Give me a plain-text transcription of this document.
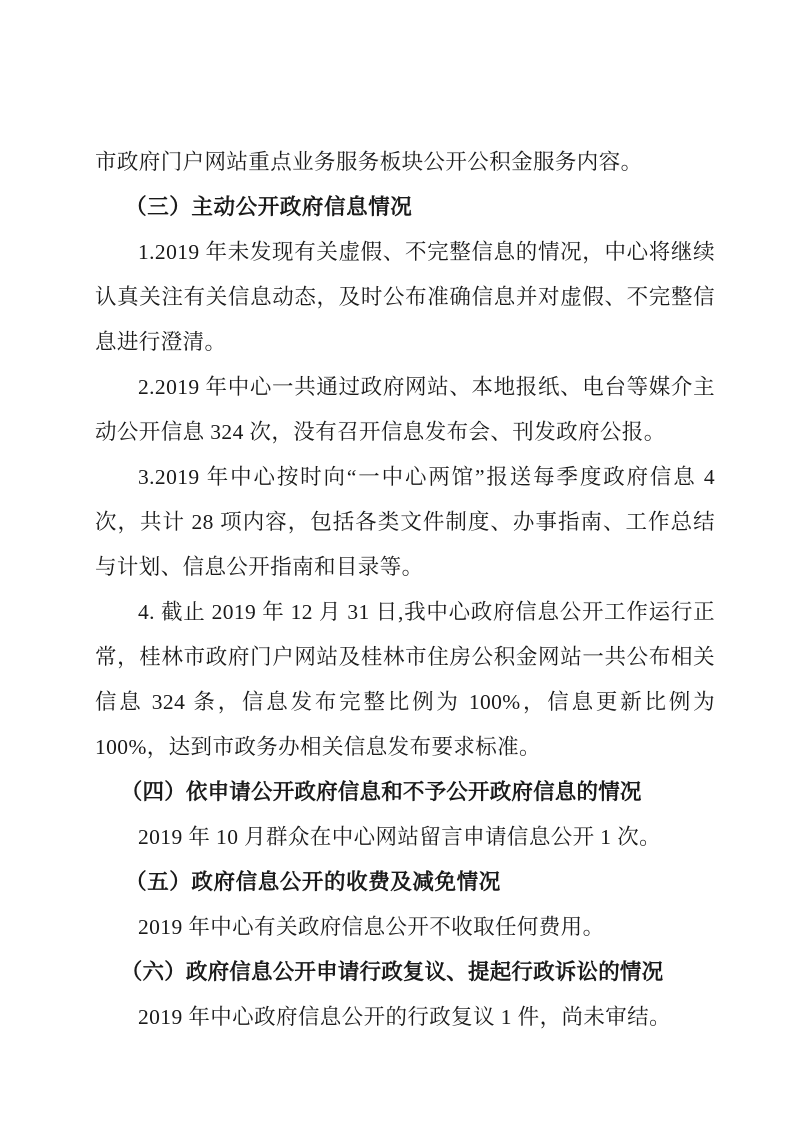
市政府门户网站重点业务服务板块公开公积金服务内容。

（三）主动公开政府信息情况

1.2019 年未发现有关虚假、不完整信息的情况，中心将继续认真关注有关信息动态，及时公布准确信息并对虚假、不完整信息进行澄清。

2.2019 年中心一共通过政府网站、本地报纸、电台等媒介主动公开信息 324 次，没有召开信息发布会、刊发政府公报。

3.2019 年中心按时向“一中心两馆”报送每季度政府信息 4 次，共计 28 项内容，包括各类文件制度、办事指南、工作总结与计划、信息公开指南和目录等。

4. 截止 2019 年 12 月 31 日,我中心政府信息公开工作运行正常，桂林市政府门户网站及桂林市住房公积金网站一共公布相关信息 324 条，信息发布完整比例为 100%，信息更新比例为 100%，达到市政务办相关信息发布要求标准。

（四）依申请公开政府信息和不予公开政府信息的情况

2019 年 10 月群众在中心网站留言申请信息公开 1 次。

（五）政府信息公开的收费及减免情况

2019 年中心有关政府信息公开不收取任何费用。

（六）政府信息公开申请行政复议、提起行政诉讼的情况

2019 年中心政府信息公开的行政复议 1 件，尚未审结。
